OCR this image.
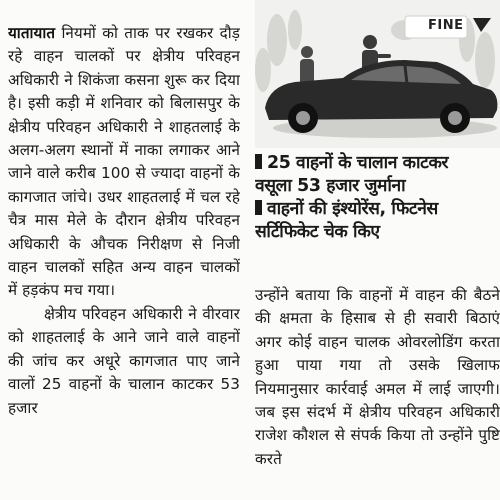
यातायात नियमों को ताक पर रखकर दौड़ रहे वाहन चालकों पर क्षेत्रीय परिवहन अधिकारी ने शिकंजा कसना शुरू कर दिया है। इसी कड़ी में शनिवार को बिलासपुर के क्षेत्रीय परिवहन अधिकारी ने शाहतलाई के अलग-अलग स्थानों में नाका लगाकर आने जाने वाले करीब 100 से ज्यादा वाहनों के कागजात जांचे। उधर शाहतलाई में चल रहे चैत्र मास मेले के दौरान क्षेत्रीय परिवहन अधिकारी के औचक निरीक्षण से निजी वाहन चालकों सहित अन्य वाहन चालकों में हड़कंप मच गया।

क्षेत्रीय परिवहन अधिकारी ने वीरवार को शाहतलाई के आने जाने वाले वाहनों की जांच कर अधूरे कागजात पाए जाने वालों 25 वाहनों के चालान काटकर 53 हजार

FINE

25 वाहनों के चालान काटकर

वसूला 53 हजार जुर्माना

वाहनों की इंश्योरेंस, फिटनेस

सर्टिफिकेट चेक किए

उन्होंने बताया कि वाहनों में वाहन की बैठने की क्षमता के हिसाब से ही सवारी बिठाएं अगर कोई वाहन चालक ओवरलोडिंग करता हुआ पाया गया तो उसके खिलाफ नियमानुसार कार्रवाई अमल में लाई जाएगी। जब इस संदर्भ में क्षेत्रीय परिवहन अधिकारी राजेश कौशल से संपर्क किया तो उन्होंने पुष्टि करते
